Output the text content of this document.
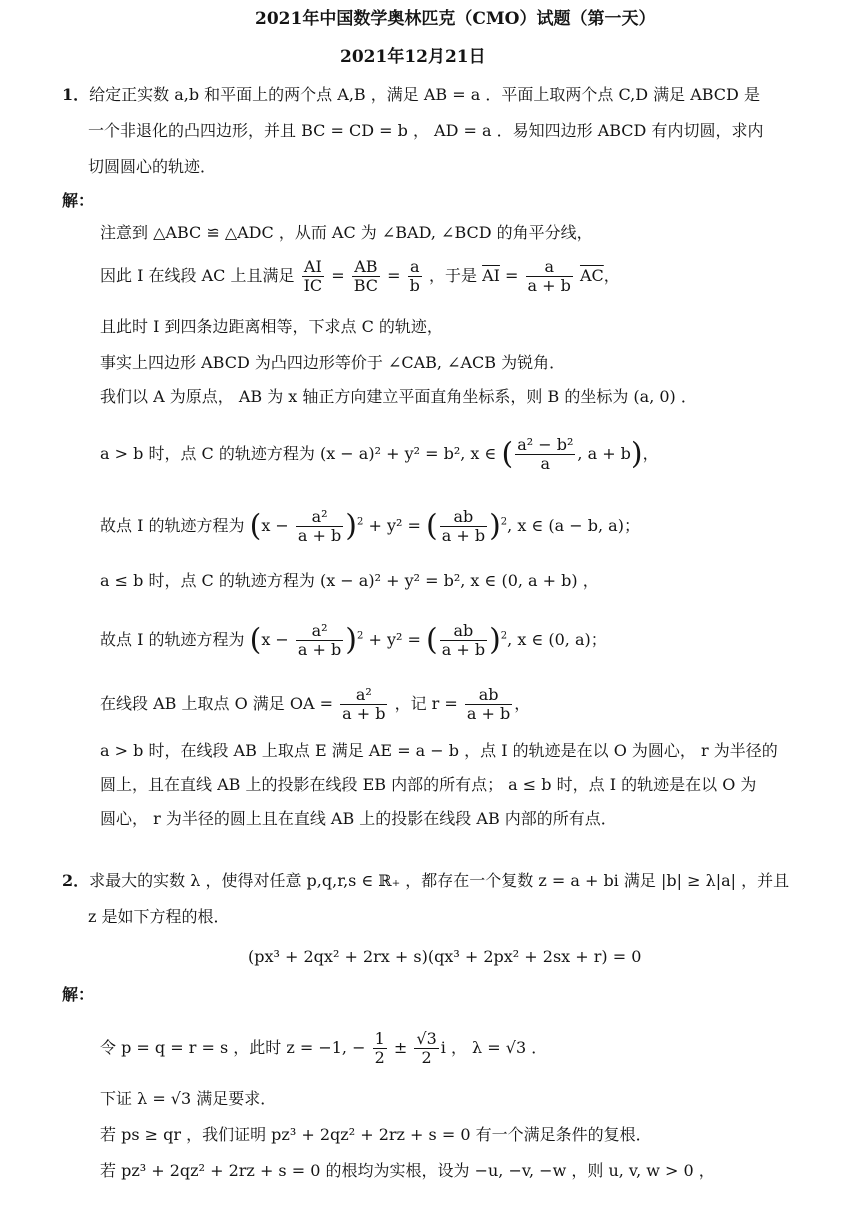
2021年中国数学奥林匹克（CMO）试题（第一天）
2021年12月21日
1．给定正实数 a,b 和平面上的两个点 A,B ，满足 AB = a ．平面上取两个点 C,D 满足 ABCD 是
一个非退化的凸四边形，并且 BC = CD = b ， AD = a ．易知四边形 ABCD 有内切圆，求内
切圆圆心的轨迹．
解：
注意到 △ABC ≌ △ADC ，从而 AC 为 ∠BAD, ∠BCD 的角平分线，
因此 I 在线段 AC 上且满足 $\frac{AI}{IC} = \frac{AB}{BC} = \frac{a}{b}$ ，于是 $\overline{AI} = \frac{a}{a + b} \overline{AC}$，
且此时 I 到四条边距离相等，下求点 C 的轨迹，
事实上四边形 ABCD 为凸四边形等价于 ∠CAB, ∠ACB 为锐角．
我们以 A 为原点， AB 为 x 轴正方向建立平面直角坐标系，则 B 的坐标为 (a, 0) ．
a > b 时，点 C 的轨迹方程为 (x − a)² + y² = b², x ∈ ( $\frac{\text{a² − b²}}{a}$ , a + b)，
故点 I 的轨迹方程为 $(x - \frac{\text{a²}}{a + b} )^2 + y^2$ = ( $\frac{ab}{a + b} )^2$, x ∈ (a − b, a)；
a ≤ b 时，点 C 的轨迹方程为 (x − a)² + y² = b², x ∈ (0, a + b) ，
故点 I 的轨迹方程为 $(x - \frac{\text{a²}}{a + b} )^2 + y^2$ = ( $\frac{ab}{a + b} )^2$, x ∈ (0, a)；
在线段 AB 上取点 O 满足 OA = $\frac{\text{a²}}{a + b}$ ，记 $r = \frac{ab}{a + b}$ ，
a > b 时，在线段 AB 上取点 E 满足 AE = a − b ，点 I 的轨迹是在以 O 为圆心， r 为半径的
圆上，且在直线 AB 上的投影在线段 EB 内部的所有点； a ≤ b 时，点 I 的轨迹是在以 O 为
圆心， r 为半径的圆上且在直线 AB 上的投影在线段 AB 内部的所有点．
2．求最大的实数 λ ，使得对任意 p,q,r,s ∈ ℝ₊ ，都存在一个复数 z = a + bi 满足 |b| ≥ λ|a| ，并且
z 是如下方程的根．
(px³ + 2qx² + 2rx + s)(qx³ + 2px² + 2sx + r) = 0
解：
令 p = q = r = s ，此时 z = −1, − $\frac{1}{2} \pm \frac{√3}{2}$ i ， λ = √3 ．
下证 λ = √3 满足要求．
若 ps ≥ qr ，我们证明 pz³ + 2qz² + 2rz + s = 0 有一个满足条件的复根．
若 pz³ + 2qz² + 2rz + s = 0 的根均为实根，设为 −u, −v, −w ，则 u, v, w > 0 ，
